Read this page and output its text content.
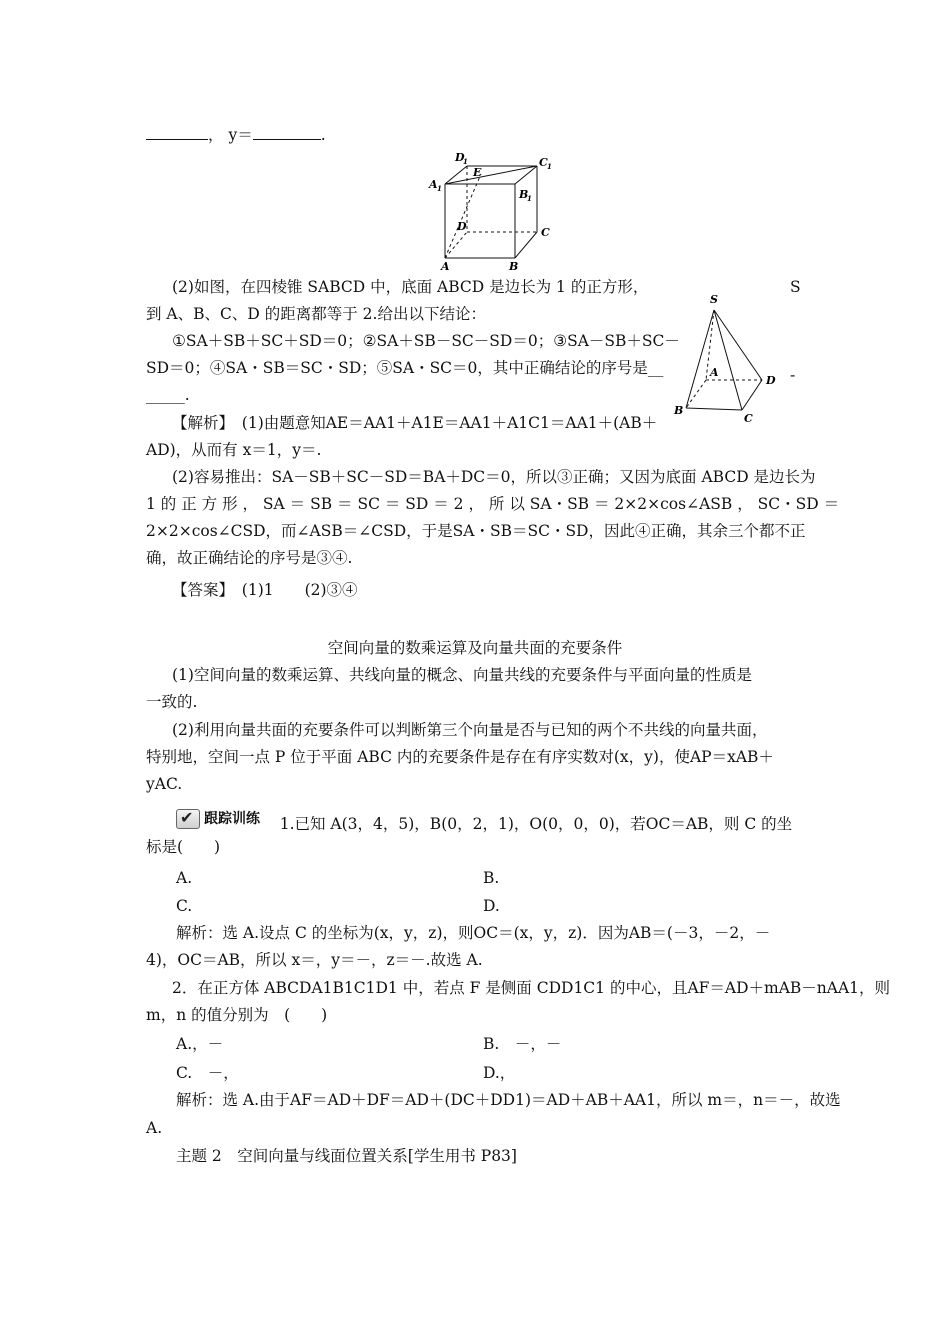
， y＝	.
D
1	C 1
A 1	B
1
E
D	C
A	B
(2)如图，在四棱锥 SABCD 中，底面 ABCD 是边长为 1 的正方形，	S
到 A、B、C、D 的距离都等于 2.给出以下结论：
①SA＋SB＋SC＋SD＝0；②SA＋SB－SC－SD＝0；③SA－SB＋SC－
SD＝0；④SA・SB＝SC・SD；⑤SA・SC＝0，其中正确结论的序号是__	-
_____.
S
A
D
B
C
【解析】　 (1)由题意知AE＝AA1＋A1E＝AA1＋A1C1＝AA1＋(AB＋
AD)，从而有 x＝1，y＝.
(2)容易推出：SA－SB＋SC－SD＝BA＋DC＝0，所以③正确；又因为底面 ABCD 是边长为
1 的 正 方 形 ， SA ＝ SB ＝ SC ＝ SD ＝ 2 ， 所 以 SA・SB ＝ 2×2×cos∠ASB ， SC・SD ＝
2×2×cos∠CSD，而∠ASB＝∠CSD，于是SA・SB＝SC・SD，因此④正确，其余三个都不正
确，故正确结论的序号是③④.
【答案】　 (1)1　　(2)③④
空间向量的数乘运算及向量共面的充要条件
(1)空间向量的数乘运算、共线向量的概念、向量共线的充要条件与平面向量的性质是
一致的.
(2)利用向量共面的充要条件可以判断第三个向量是否与已知的两个不共线的向量共面，
特别地，空间一点 P 位于平面 ABC 内的充要条件是存在有序实数对(x，y)，使AP＝xAB＋
yAC.
✔
跟踪训练 1.已知 A(3，4，5)，B(0，2，1)，O(0，0，0)，若OC＝AB，则 C 的坐
标是(　　)
A.	B.
C.	D.
解析：选 A.设点 C 的坐标为(x，y，z)，则OC＝(x，y，z)．因为AB＝(－3，－2，－
4)，OC＝AB，所以 x＝，y＝－，z＝－.故选 A.
2．在正方体 ABCDA1B1C1D1 中，若点 F 是侧面 CDD1C1 的中心，且AF＝AD＋mAB－nAA1，则
m，n 的值分别为　(　　)
A.，－	B.　－，－
C.　－，	D.，
解析：选 A.由于AF＝AD＋DF＝AD＋(DC＋DD1)＝AD＋AB＋AA1，所以 m＝，n＝－，故选
A.
主题 2　空间向量与线面位置关系[学生用书 P83]
